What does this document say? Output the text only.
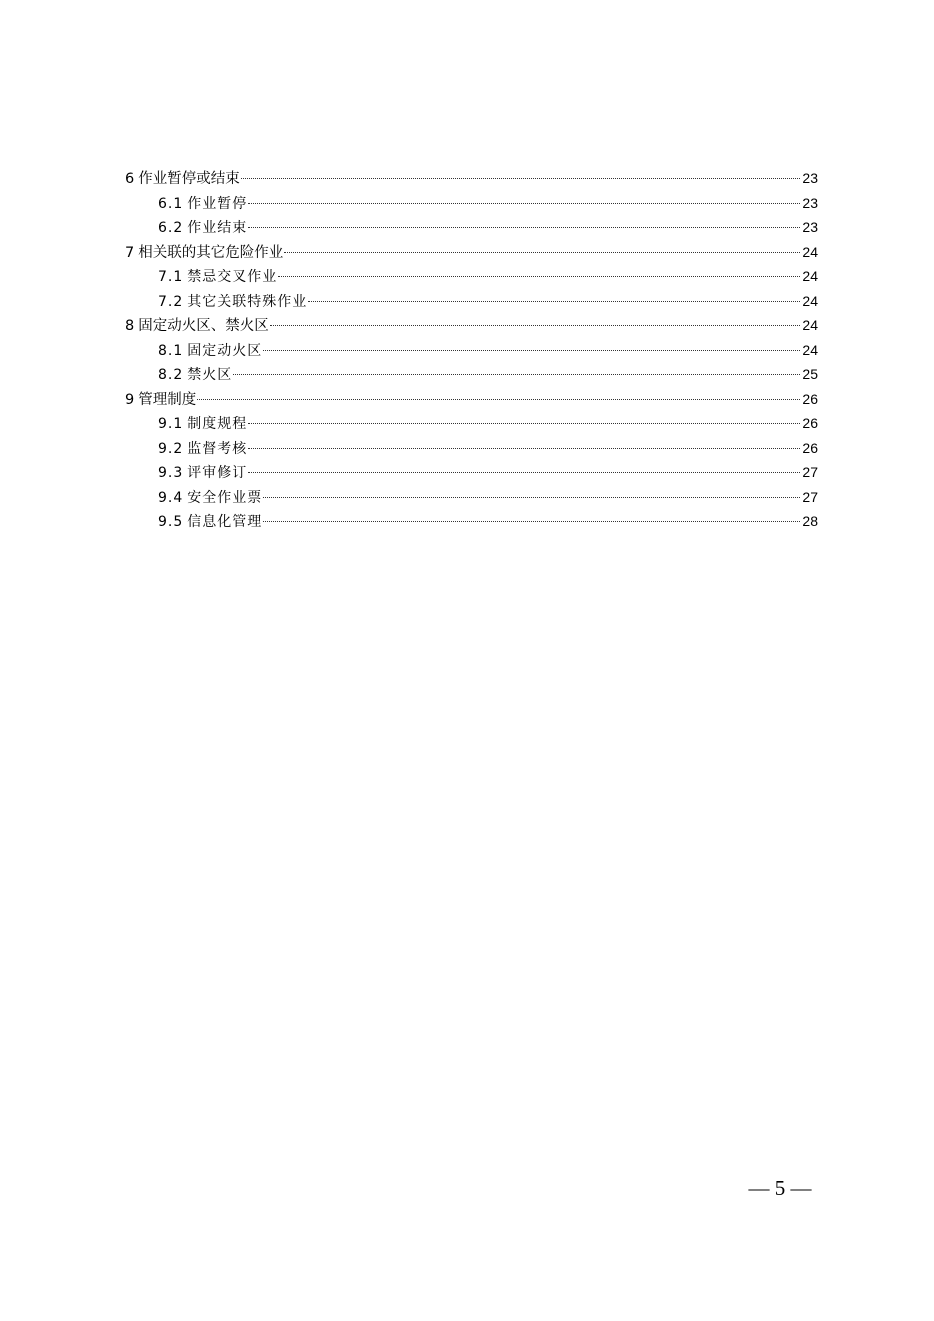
6 作业暂停或结束	23
6.1 作业暂停	23
6.2 作业结束	23
7 相关联的其它危险作业	24
7.1 禁忌交叉作业	24
7.2 其它关联特殊作业	24
8 固定动火区、禁火区	24
8.1 固定动火区	24
8.2 禁火区	25
9 管理制度	26
9.1 制度规程	26
9.2 监督考核	26
9.3 评审修订	27
9.4 安全作业票	27
9.5 信息化管理	28
— 5 —
